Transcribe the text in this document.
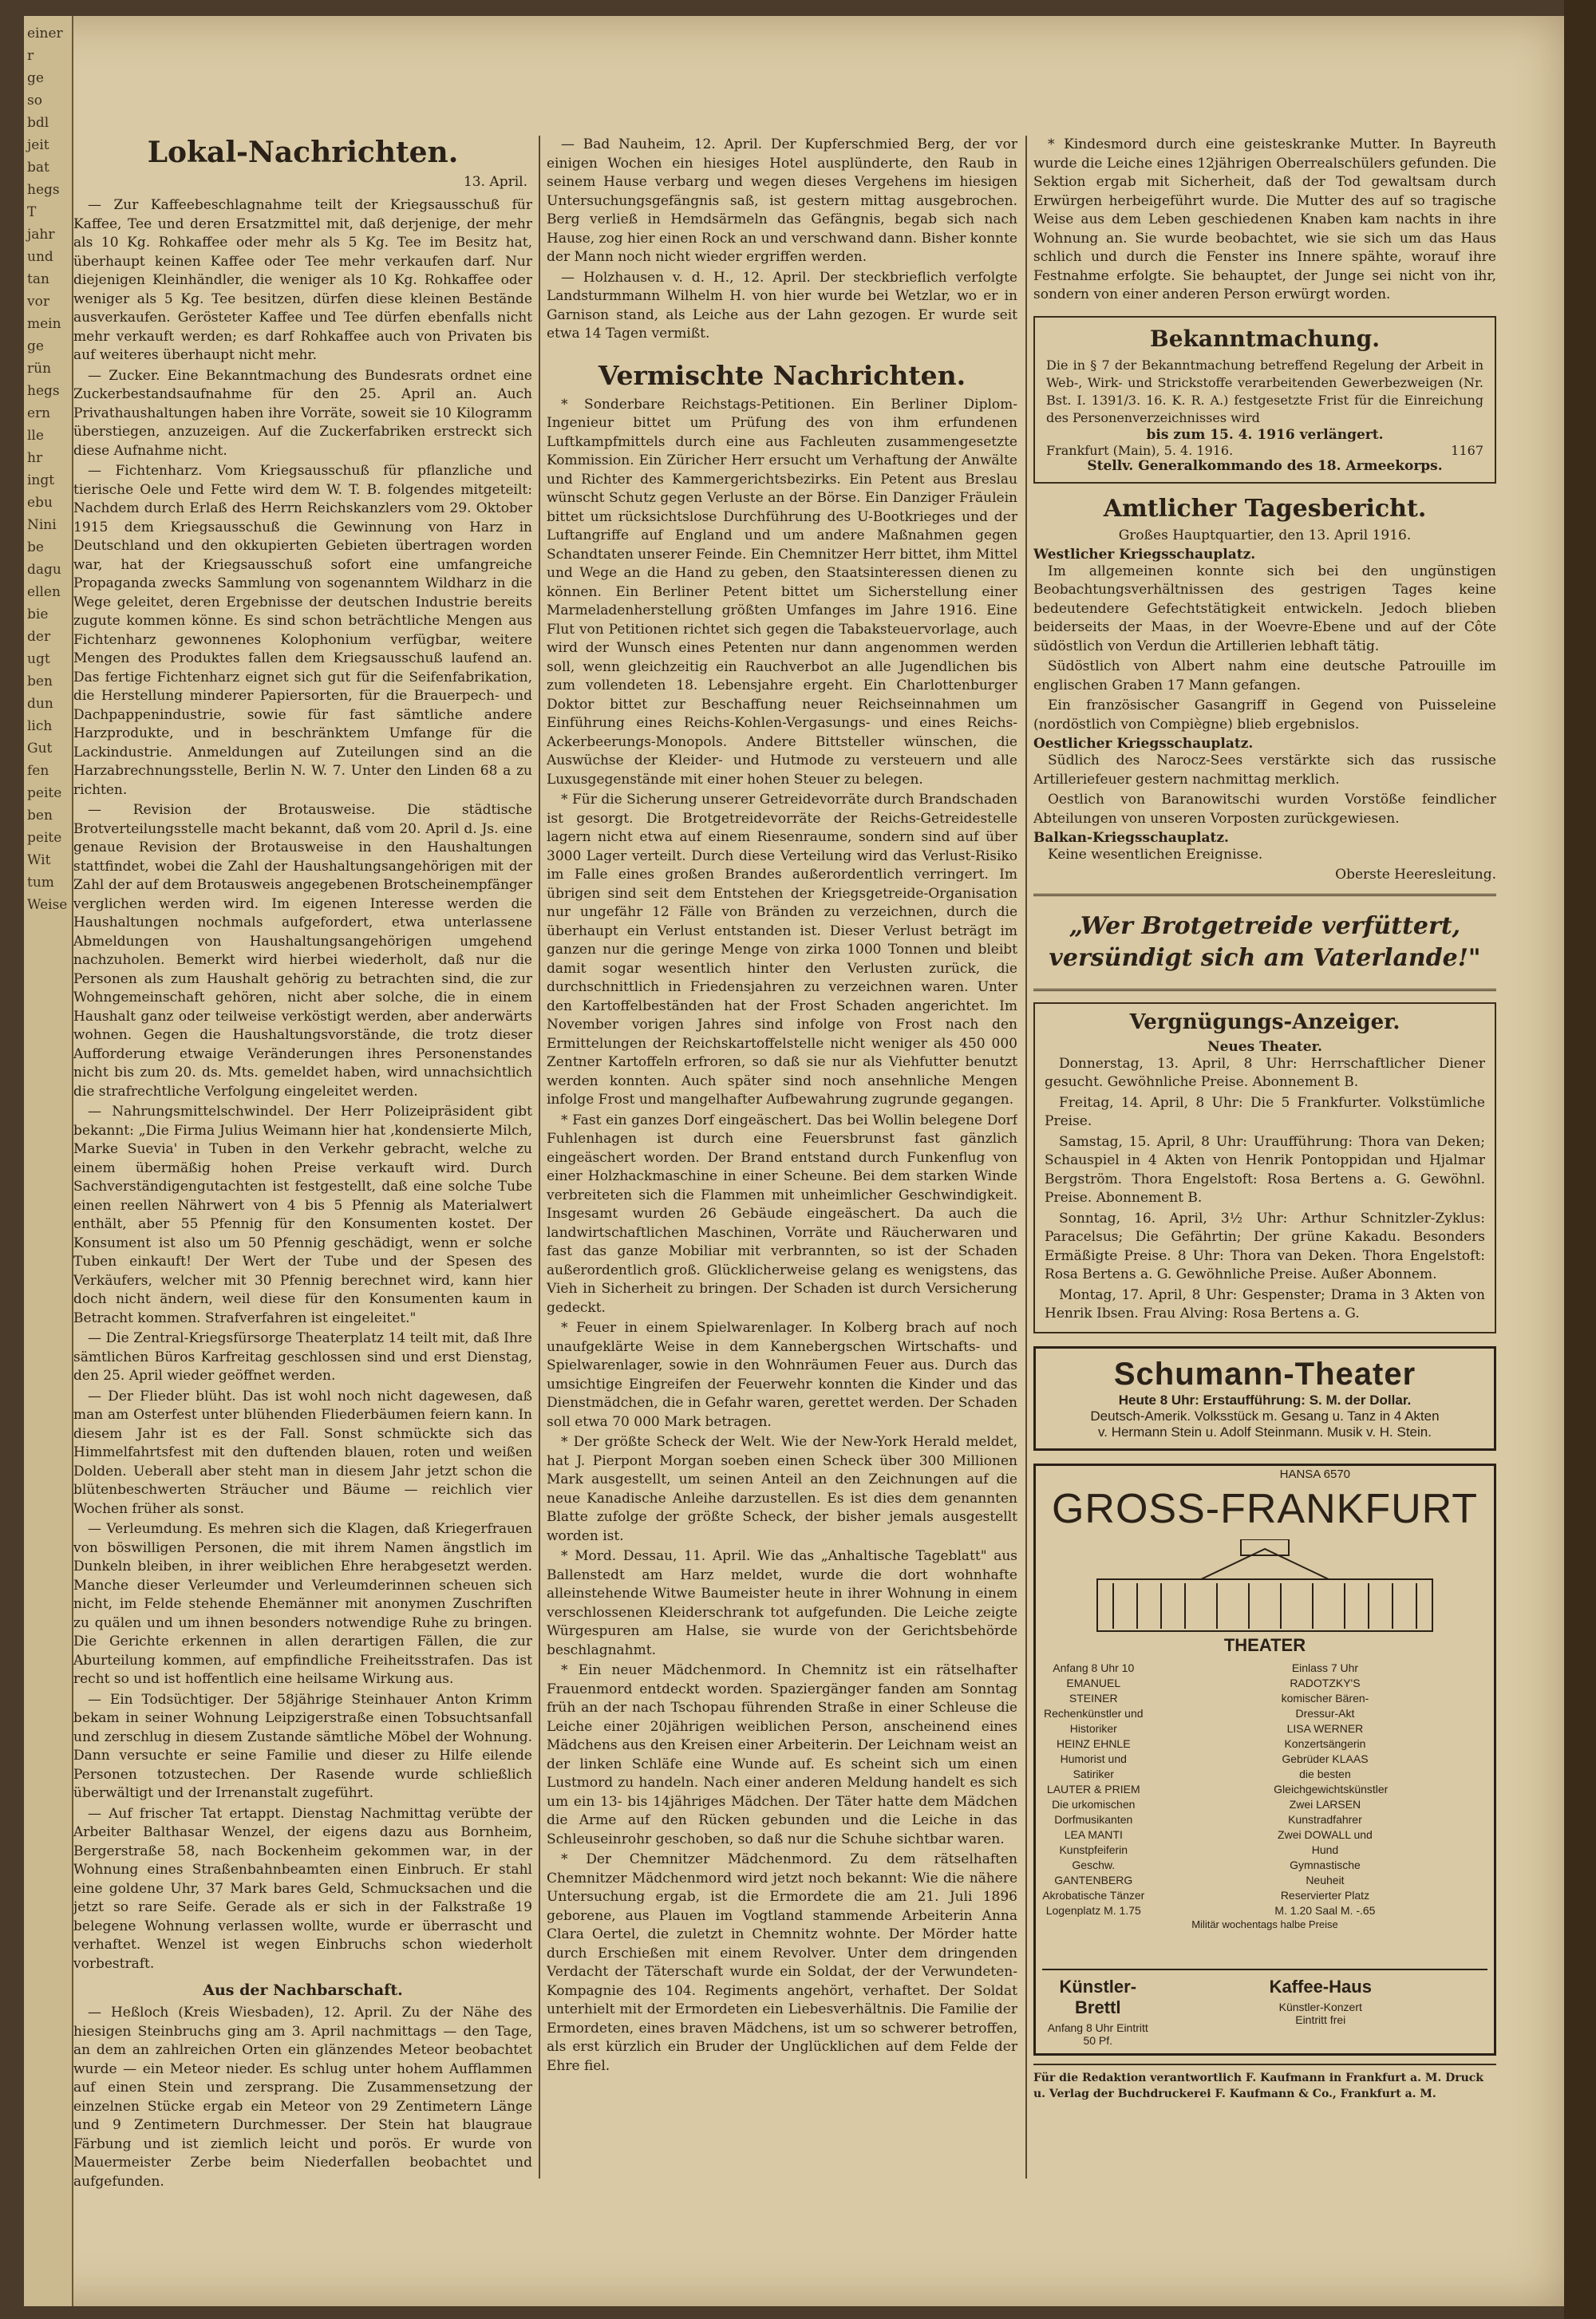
einer
r
ge
so
bdl
jeit
bat
hegs
T
jahr
und
tan
vor
mein
ge
rün
hegs
ern
lle
hr
ingt
ebu
Nini
be
dagu
ellen
bie
der
ugt
ben
dun
lich
Gut
fen
peite
ben
peite
Wit
tum
Weise
Lokal-Nachrichten.
13. April.
— Zur Kaffeebeschlagnahme teilt der Kriegsausschuß für Kaffee, Tee und deren Ersatzmittel mit, daß derjenige, der mehr als 10 Kg. Rohkaffee oder mehr als 5 Kg. Tee im Besitz hat, überhaupt keinen Kaffee oder Tee mehr verkaufen darf. Nur diejenigen Kleinhändler, die weniger als 10 Kg. Rohkaffee oder weniger als 5 Kg. Tee besitzen, dürfen diese kleinen Bestände ausverkaufen. Gerösteter Kaffee und Tee dürfen ebenfalls nicht mehr verkauft werden; es darf Rohkaffee auch von Privaten bis auf weiteres überhaupt nicht mehr.
— Zucker. Eine Bekanntmachung des Bundesrats ordnet eine Zuckerbestandsaufnahme für den 25. April an. Auch Privathaushaltungen haben ihre Vorräte, soweit sie 10 Kilogramm überstiegen, anzuzeigen. Auf die Zuckerfabriken erstreckt sich diese Aufnahme nicht.
— Fichtenharz. Vom Kriegsausschuß für pflanzliche und tierische Oele und Fette wird dem W. T. B. folgendes mitgeteilt: Nachdem durch Erlaß des Herrn Reichskanzlers vom 29. Oktober 1915 dem Kriegsausschuß die Gewinnung von Harz in Deutschland und den okkupierten Gebieten übertragen worden war, hat der Kriegsausschuß sofort eine umfangreiche Propaganda zwecks Sammlung von sogenanntem Wildharz in die Wege geleitet, deren Ergebnisse der deutschen Industrie bereits zugute kommen könne. Es sind schon beträchtliche Mengen aus Fichtenharz gewonnenes Kolophonium verfügbar, weitere Mengen des Produktes fallen dem Kriegsausschuß laufend an. Das fertige Fichtenharz eignet sich gut für die Seifenfabrikation, die Herstellung minderer Papiersorten, für die Brauerpech- und Dachpappenindustrie, sowie für fast sämtliche andere Harzprodukte, und in beschränktem Umfange für die Lackindustrie. Anmeldungen auf Zuteilungen sind an die Harzabrechnungsstelle, Berlin N. W. 7. Unter den Linden 68 a zu richten.
— Revision der Brotausweise. Die städtische Brotverteilungsstelle macht bekannt, daß vom 20. April d. Js. eine genaue Revision der Brotausweise in den Haushaltungen stattfindet, wobei die Zahl der Haushaltungsangehörigen mit der Zahl der auf dem Brotausweis angegebenen Brotscheinempfänger verglichen werden wird. Im eigenen Interesse werden die Haushaltungen nochmals aufgefordert, etwa unterlassene Abmeldungen von Haushaltungsangehörigen umgehend nachzuholen. Bemerkt wird hierbei wiederholt, daß nur die Personen als zum Haushalt gehörig zu betrachten sind, die zur Wohngemeinschaft gehören, nicht aber solche, die in einem Haushalt ganz oder teilweise verköstigt werden, aber anderwärts wohnen. Gegen die Haushaltungsvorstände, die trotz dieser Aufforderung etwaige Veränderungen ihres Personenstandes nicht bis zum 20. ds. Mts. gemeldet haben, wird unnachsichtlich die strafrechtliche Verfolgung eingeleitet werden.
— Nahrungsmittelschwindel. Der Herr Polizeipräsident gibt bekannt: „Die Firma Julius Weimann hier hat ‚kondensierte Milch, Marke Suevia' in Tuben in den Verkehr gebracht, welche zu einem übermäßig hohen Preise verkauft wird. Durch Sachverständigengutachten ist festgestellt, daß eine solche Tube einen reellen Nährwert von 4 bis 5 Pfennig als Materialwert enthält, aber 55 Pfennig für den Konsumenten kostet. Der Konsument ist also um 50 Pfennig geschädigt, wenn er solche Tuben einkauft! Der Wert der Tube und der Spesen des Verkäufers, welcher mit 30 Pfennig berechnet wird, kann hier doch nicht ändern, weil diese für den Konsumenten kaum in Betracht kommen. Strafverfahren ist eingeleitet."
— Die Zentral-Kriegsfürsorge Theaterplatz 14 teilt mit, daß Ihre sämtlichen Büros Karfreitag geschlossen sind und erst Dienstag, den 25. April wieder geöffnet werden.
— Der Flieder blüht. Das ist wohl noch nicht dagewesen, daß man am Osterfest unter blühenden Fliederbäumen feiern kann. In diesem Jahr ist es der Fall. Sonst schmückte sich das Himmelfahrtsfest mit den duftenden blauen, roten und weißen Dolden. Ueberall aber steht man in diesem Jahr jetzt schon die blütenbeschwerten Sträucher und Bäume — reichlich vier Wochen früher als sonst.
— Verleumdung. Es mehren sich die Klagen, daß Kriegerfrauen von böswilligen Personen, die mit ihrem Namen ängstlich im Dunkeln bleiben, in ihrer weiblichen Ehre herabgesetzt werden. Manche dieser Verleumder und Verleumderinnen scheuen sich nicht, im Felde stehende Ehemänner mit anonymen Zuschriften zu quälen und um ihnen besonders notwendige Ruhe zu bringen. Die Gerichte erkennen in allen derartigen Fällen, die zur Aburteilung kommen, auf empfindliche Freiheitsstrafen. Das ist recht so und ist hoffentlich eine heilsame Wirkung aus.
— Ein Todsüchtiger. Der 58jährige Steinhauer Anton Krimm bekam in seiner Wohnung Leipzigerstraße einen Tobsuchtsanfall und zerschlug in diesem Zustande sämtliche Möbel der Wohnung. Dann versuchte er seine Familie und dieser zu Hilfe eilende Personen totzustechen. Der Rasende wurde schließlich überwältigt und der Irrenanstalt zugeführt.
— Auf frischer Tat ertappt. Dienstag Nachmittag verübte der Arbeiter Balthasar Wenzel, der eigens dazu aus Bornheim, Bergerstraße 58, nach Bockenheim gekommen war, in der Wohnung eines Straßenbahnbeamten einen Einbruch. Er stahl eine goldene Uhr, 37 Mark bares Geld, Schmucksachen und die jetzt so rare Seife. Gerade als er sich in der Falkstraße 19 belegene Wohnung verlassen wollte, wurde er überrascht und verhaftet. Wenzel ist wegen Einbruchs schon wiederholt vorbestraft.
Aus der Nachbarschaft.
— Heßloch (Kreis Wiesbaden), 12. April. Zu der Nähe des hiesigen Steinbruchs ging am 3. April nachmittags — den Tage, an dem an zahlreichen Orten ein glänzendes Meteor beobachtet wurde — ein Meteor nieder. Es schlug unter hohem Aufflammen auf einen Stein und zersprang. Die Zusammensetzung der einzelnen Stücke ergab ein Meteor von 29 Zentimetern Länge und 9 Zentimetern Durchmesser. Der Stein hat blaugraue Färbung und ist ziemlich leicht und porös. Er wurde von Mauermeister Zerbe beim Niederfallen beobachtet und aufgefunden.
— Bad Nauheim, 12. April. Der Kupferschmied Berg, der vor einigen Wochen ein hiesiges Hotel ausplünderte, den Raub in seinem Hause verbarg und wegen dieses Vergehens im hiesigen Untersuchungsgefängnis saß, ist gestern mittag ausgebrochen. Berg verließ in Hemdsärmeln das Gefängnis, begab sich nach Hause, zog hier einen Rock an und verschwand dann. Bisher konnte der Mann noch nicht wieder ergriffen werden.
— Holzhausen v. d. H., 12. April. Der steckbrieflich verfolgte Landsturmmann Wilhelm H. von hier wurde bei Wetzlar, wo er in Garnison stand, als Leiche aus der Lahn gezogen. Er wurde seit etwa 14 Tagen vermißt.
Vermischte Nachrichten.
* Sonderbare Reichstags-Petitionen. Ein Berliner Diplom-Ingenieur bittet um Prüfung des von ihm erfundenen Luftkampfmittels durch eine aus Fachleuten zusammengesetzte Kommission. Ein Züricher Herr ersucht um Verhaftung der Anwälte und Richter des Kammergerichtsbezirks. Ein Petent aus Breslau wünscht Schutz gegen Verluste an der Börse. Ein Danziger Fräulein bittet um rücksichtslose Durchführung des U-Bootkrieges und der Luftangriffe auf England und um andere Maßnahmen gegen Schandtaten unserer Feinde. Ein Chemnitzer Herr bittet, ihm Mittel und Wege an die Hand zu geben, den Staatsinteressen dienen zu können. Ein Berliner Petent bittet um Sicherstellung einer Marmeladenherstellung größten Umfanges im Jahre 1916. Eine Flut von Petitionen richtet sich gegen die Tabaksteuervorlage, auch wird der Wunsch eines Petenten nur dann angenommen werden soll, wenn gleichzeitig ein Rauchverbot an alle Jugendlichen bis zum vollendeten 18. Lebensjahre ergeht. Ein Charlottenburger Doktor bittet zur Beschaffung neuer Reichseinnahmen um Einführung eines Reichs-Kohlen-Vergasungs- und eines Reichs-Ackerbeerungs-Monopols. Andere Bittsteller wünschen, die Auswüchse der Kleider- und Hutmode zu versteuern und alle Luxusgegenstände mit einer hohen Steuer zu belegen.
* Für die Sicherung unserer Getreidevorräte durch Brandschaden ist gesorgt. Die Brotgetreidevorräte der Reichs-Getreidestelle lagern nicht etwa auf einem Riesenraume, sondern sind auf über 3000 Lager verteilt. Durch diese Verteilung wird das Verlust-Risiko im Falle eines großen Brandes außerordentlich verringert. Im übrigen sind seit dem Entstehen der Kriegsgetreide-Organisation nur ungefähr 12 Fälle von Bränden zu verzeichnen, durch die überhaupt ein Verlust entstanden ist. Dieser Verlust beträgt im ganzen nur die geringe Menge von zirka 1000 Tonnen und bleibt damit sogar wesentlich hinter den Verlusten zurück, die durchschnittlich in Friedensjahren zu verzeichnen waren. Unter den Kartoffelbeständen hat der Frost Schaden angerichtet. Im November vorigen Jahres sind infolge von Frost nach den Ermittelungen der Reichskartoffelstelle nicht weniger als 450 000 Zentner Kartoffeln erfroren, so daß sie nur als Viehfutter benutzt werden konnten. Auch später sind noch ansehnliche Mengen infolge Frost und mangelhafter Aufbewahrung zugrunde gegangen.
* Fast ein ganzes Dorf eingeäschert. Das bei Wollin belegene Dorf Fuhlenhagen ist durch eine Feuersbrunst fast gänzlich eingeäschert worden. Der Brand entstand durch Funkenflug von einer Holzhackmaschine in einer Scheune. Bei dem starken Winde verbreiteten sich die Flammen mit unheimlicher Geschwindigkeit. Insgesamt wurden 26 Gebäude eingeäschert. Da auch die landwirtschaftlichen Maschinen, Vorräte und Räucherwaren und fast das ganze Mobiliar mit verbrannten, so ist der Schaden außerordentlich groß. Glücklicherweise gelang es wenigstens, das Vieh in Sicherheit zu bringen. Der Schaden ist durch Versicherung gedeckt.
* Feuer in einem Spielwarenlager. In Kolberg brach auf noch unaufgeklärte Weise in dem Kannebergschen Wirtschafts- und Spielwarenlager, sowie in den Wohnräumen Feuer aus. Durch das umsichtige Eingreifen der Feuerwehr konnten die Kinder und das Dienstmädchen, die in Gefahr waren, gerettet werden. Der Schaden soll etwa 70 000 Mark betragen.
* Der größte Scheck der Welt. Wie der New-York Herald meldet, hat J. Pierpont Morgan soeben einen Scheck über 300 Millionen Mark ausgestellt, um seinen Anteil an den Zeichnungen auf die neue Kanadische Anleihe darzustellen. Es ist dies dem genannten Blatte zufolge der größte Scheck, der bisher jemals ausgestellt worden ist.
* Mord. Dessau, 11. April. Wie das „Anhaltische Tageblatt" aus Ballenstedt am Harz meldet, wurde die dort wohnhafte alleinstehende Witwe Baumeister heute in ihrer Wohnung in einem verschlossenen Kleiderschrank tot aufgefunden. Die Leiche zeigte Würgespuren am Halse, sie wurde von der Gerichtsbehörde beschlagnahmt.
* Ein neuer Mädchenmord. In Chemnitz ist ein rätselhafter Frauenmord entdeckt worden. Spaziergänger fanden am Sonntag früh an der nach Tschopau führenden Straße in einer Schleuse die Leiche einer 20jährigen weiblichen Person, anscheinend eines Mädchens aus den Kreisen einer Arbeiterin. Der Leichnam weist an der linken Schläfe eine Wunde auf. Es scheint sich um einen Lustmord zu handeln. Nach einer anderen Meldung handelt es sich um ein 13- bis 14jähriges Mädchen. Der Täter hatte dem Mädchen die Arme auf den Rücken gebunden und die Leiche in das Schleuseinrohr geschoben, so daß nur die Schuhe sichtbar waren.
* Der Chemnitzer Mädchenmord. Zu dem rätselhaften Chemnitzer Mädchenmord wird jetzt noch bekannt: Wie die nähere Untersuchung ergab, ist die Ermordete die am 21. Juli 1896 geborene, aus Plauen im Vogtland stammende Arbeiterin Anna Clara Oertel, die zuletzt in Chemnitz wohnte. Der Mörder hatte durch Erschießen mit einem Revolver. Unter dem dringenden Verdacht der Täterschaft wurde ein Soldat, der der Verwundeten-Kompagnie des 104. Regiments angehört, verhaftet. Der Soldat unterhielt mit der Ermordeten ein Liebesverhältnis. Die Familie der Ermordeten, eines braven Mädchens, ist um so schwerer betroffen, als erst kürzlich ein Bruder der Unglücklichen auf dem Felde der Ehre fiel.
* Kindesmord durch eine geisteskranke Mutter. In Bayreuth wurde die Leiche eines 12jährigen Oberrealschülers gefunden. Die Sektion ergab mit Sicherheit, daß der Tod gewaltsam durch Erwürgen herbeigeführt wurde. Die Mutter des auf so tragische Weise aus dem Leben geschiedenen Knaben kam nachts in ihre Wohnung an. Sie wurde beobachtet, wie sie sich um das Haus schlich und durch die Fenster ins Innere spähte, worauf ihre Festnahme erfolgte. Sie behauptet, der Junge sei nicht von ihr, sondern von einer anderen Person erwürgt worden.
Bekanntmachung.
Die in § 7 der Bekanntmachung betreffend Regelung der Arbeit in Web-, Wirk- und Strickstoffe verarbeitenden Gewerbezweigen (Nr. Bst. I. 1391/3. 16. K. R. A.) festgesetzte Frist für die Einreichung des Personenverzeichnisses wird
bis zum 15. 4. 1916 verlängert.
Frankfurt (Main), 5. 4. 1916.	1167
Stellv. Generalkommando des 18. Armeekorps.
Amtlicher Tagesbericht.
Großes Hauptquartier, den 13. April 1916.
Westlicher Kriegsschauplatz.
Im allgemeinen konnte sich bei den ungünstigen Beobachtungsverhältnissen des gestrigen Tages keine bedeutendere Gefechtstätigkeit entwickeln. Jedoch blieben beiderseits der Maas, in der Woevre-Ebene und auf der Côte südöstlich von Verdun die Artillerien lebhaft tätig.
Südöstlich von Albert nahm eine deutsche Patrouille im englischen Graben 17 Mann gefangen.
Ein französischer Gasangriff in Gegend von Puisseleine (nordöstlich von Compiègne) blieb ergebnislos.
Oestlicher Kriegsschauplatz.
Südlich des Narocz-Sees verstärkte sich das russische Artilleriefeuer gestern nachmittag merklich.
Oestlich von Baranowitschi wurden Vorstöße feindlicher Abteilungen von unseren Vorposten zurückgewiesen.
Balkan-Kriegsschauplatz.
Keine wesentlichen Ereignisse.
Oberste Heeresleitung.
„Wer Brotgetreide verfüttert, versündigt sich am Vaterlande!"
Vergnügungs-Anzeiger.
Neues Theater.
Donnerstag, 13. April, 8 Uhr: Herrschaftlicher Diener gesucht. Gewöhnliche Preise. Abonnement B.
Freitag, 14. April, 8 Uhr: Die 5 Frankfurter. Volkstümliche Preise.
Samstag, 15. April, 8 Uhr: Uraufführung: Thora van Deken; Schauspiel in 4 Akten von Henrik Pontoppidan und Hjalmar Bergström. Thora Engelstoft: Rosa Bertens a. G. Gewöhnl. Preise. Abonnement B.
Sonntag, 16. April, 3½ Uhr: Arthur Schnitzler-Zyklus: Paracelsus; Die Gefährtin; Der grüne Kakadu. Besonders Ermäßigte Preise. 8 Uhr: Thora van Deken. Thora Engelstoft: Rosa Bertens a. G. Gewöhnliche Preise. Außer Abonnem.
Montag, 17. April, 8 Uhr: Gespenster; Drama in 3 Akten von Henrik Ibsen. Frau Alving: Rosa Bertens a. G.
Schumann-Theater
Heute 8 Uhr: Erstaufführung: S. M. der Dollar.
Deutsch-Amerik. Volksstück m. Gesang u. Tanz in 4 Akten
v. Hermann Stein u. Adolf Steinmann. Musik v. H. Stein.
HANSA 6570
GROSS-FRANKFURT
THEATER
Anfang 8 Uhr 10
EMANUEL STEINER
Rechenkünstler und Historiker
HEINZ EHNLE
Humorist und Satiriker
LAUTER & PRIEM
Die urkomischen Dorfmusikanten
LEA MANTI
Kunstpfeiferin
Geschw. GANTENBERG
Akrobatische Tänzer
Logenplatz M. 1.75
Einlass 7 Uhr
RADOTZKY'S
komischer Bären-Dressur-Akt
LISA WERNER
Konzertsängerin
Gebrüder KLAAS
die besten Gleichgewichtskünstler
Zwei LARSEN
Kunstradfahrer
Zwei DOWALL und Hund
Gymnastische Neuheit
Reservierter Platz M. 1.20 Saal M. -.65
Militär wochentags halbe Preise
Künstler-Brettl
Anfang 8 Uhr Eintritt 50 Pf.
Kaffee-Haus
Künstler-Konzert Eintritt frei
Für die Redaktion verantwortlich F. Kaufmann in Frankfurt a. M. Druck u. Verlag der Buchdruckerei F. Kaufmann & Co., Frankfurt a. M.
